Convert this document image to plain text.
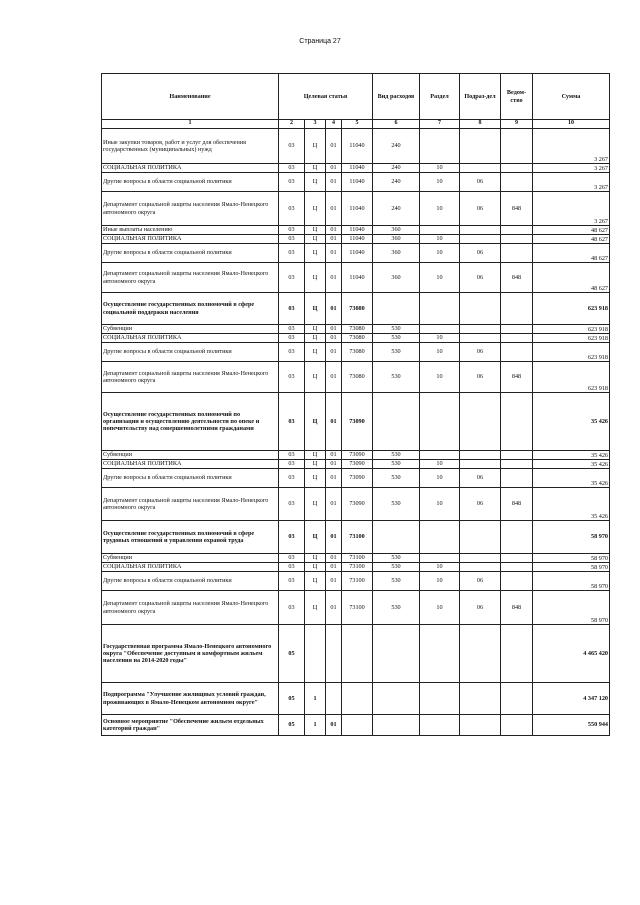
Страница 27
Наименование	Целевая статья				Вид расходов	Раздел	Подраз-дел	Ведом-ство	Сумма
1	2	3	4	5	6	7	8	9	10
Иные закупки товаров, работ и услуг для обеспечения государственных (муниципальных) нужд	03	Ц	01	11040	240				3 267
СОЦИАЛЬНАЯ ПОЛИТИКА	03	Ц	01	11040	240	10			3 267
Другие вопросы в области социальной политики	03	Ц	01	11040	240	10	06		3 267
Департамент социальной защиты населения Ямало-Ненецкого автономного округа	03	Ц	01	11040	240	10	06	848	3 267
Иные выплаты населению	03	Ц	01	11040	360				48 627
СОЦИАЛЬНАЯ ПОЛИТИКА	03	Ц	01	11040	360	10			48 627
Другие вопросы в области социальной политики	03	Ц	01	11040	360	10	06		48 627
Департамент социальной защиты населения Ямало-Ненецкого автономного округа	03	Ц	01	11040	360	10	06	848	48 627
Осуществление государственных полномочий в сфере социальной поддержки населения	03	Ц	01	73080					623 918
Субвенции	03	Ц	01	73080	530				623 918
СОЦИАЛЬНАЯ ПОЛИТИКА	03	Ц	01	73080	530	10			623 918
Другие вопросы в области социальной политики	03	Ц	01	73080	530	10	06		623 918
Департамент социальной защиты населения Ямало-Ненецкого автономного округа	03	Ц	01	73080	530	10	06	848	623 918
Осуществление государственных полномочий по организации и осуществлению деятельности по опеке и попечительству над совершеннолетними гражданами	03	Ц	01	73090					35 426
Субвенции	03	Ц	01	73090	530				35 426
СОЦИАЛЬНАЯ ПОЛИТИКА	03	Ц	01	73090	530	10			35 426
Другие вопросы в области социальной политики	03	Ц	01	73090	530	10	06		35 426
Департамент социальной защиты населения Ямало-Ненецкого автономного округа	03	Ц	01	73090	530	10	06	848	35 426
Осуществление государственных полномочий в сфере трудовых отношений и управления охраной труда	03	Ц	01	73100					58 970
Субвенции	03	Ц	01	73100	530				58 970
СОЦИАЛЬНАЯ ПОЛИТИКА	03	Ц	01	73100	530	10			58 970
Другие вопросы в области социальной политики	03	Ц	01	73100	530	10	06		58 970
Департамент социальной защиты населения Ямало-Ненецкого автономного округа	03	Ц	01	73100	530	10	06	848	58 970
Государственная программа Ямало-Ненецкого автономного округа "Обеспечение доступным и комфортным жильем населения на 2014-2020 годы"	05								4 465 420
Подпрограмма "Улучшение жилищных условий граждан, проживающих в Ямало-Ненецком автономном округе"	05	1							4 347 120
Основное мероприятие "Обеспечение жильем отдельных категорий граждан"	05	1	01						550 944
